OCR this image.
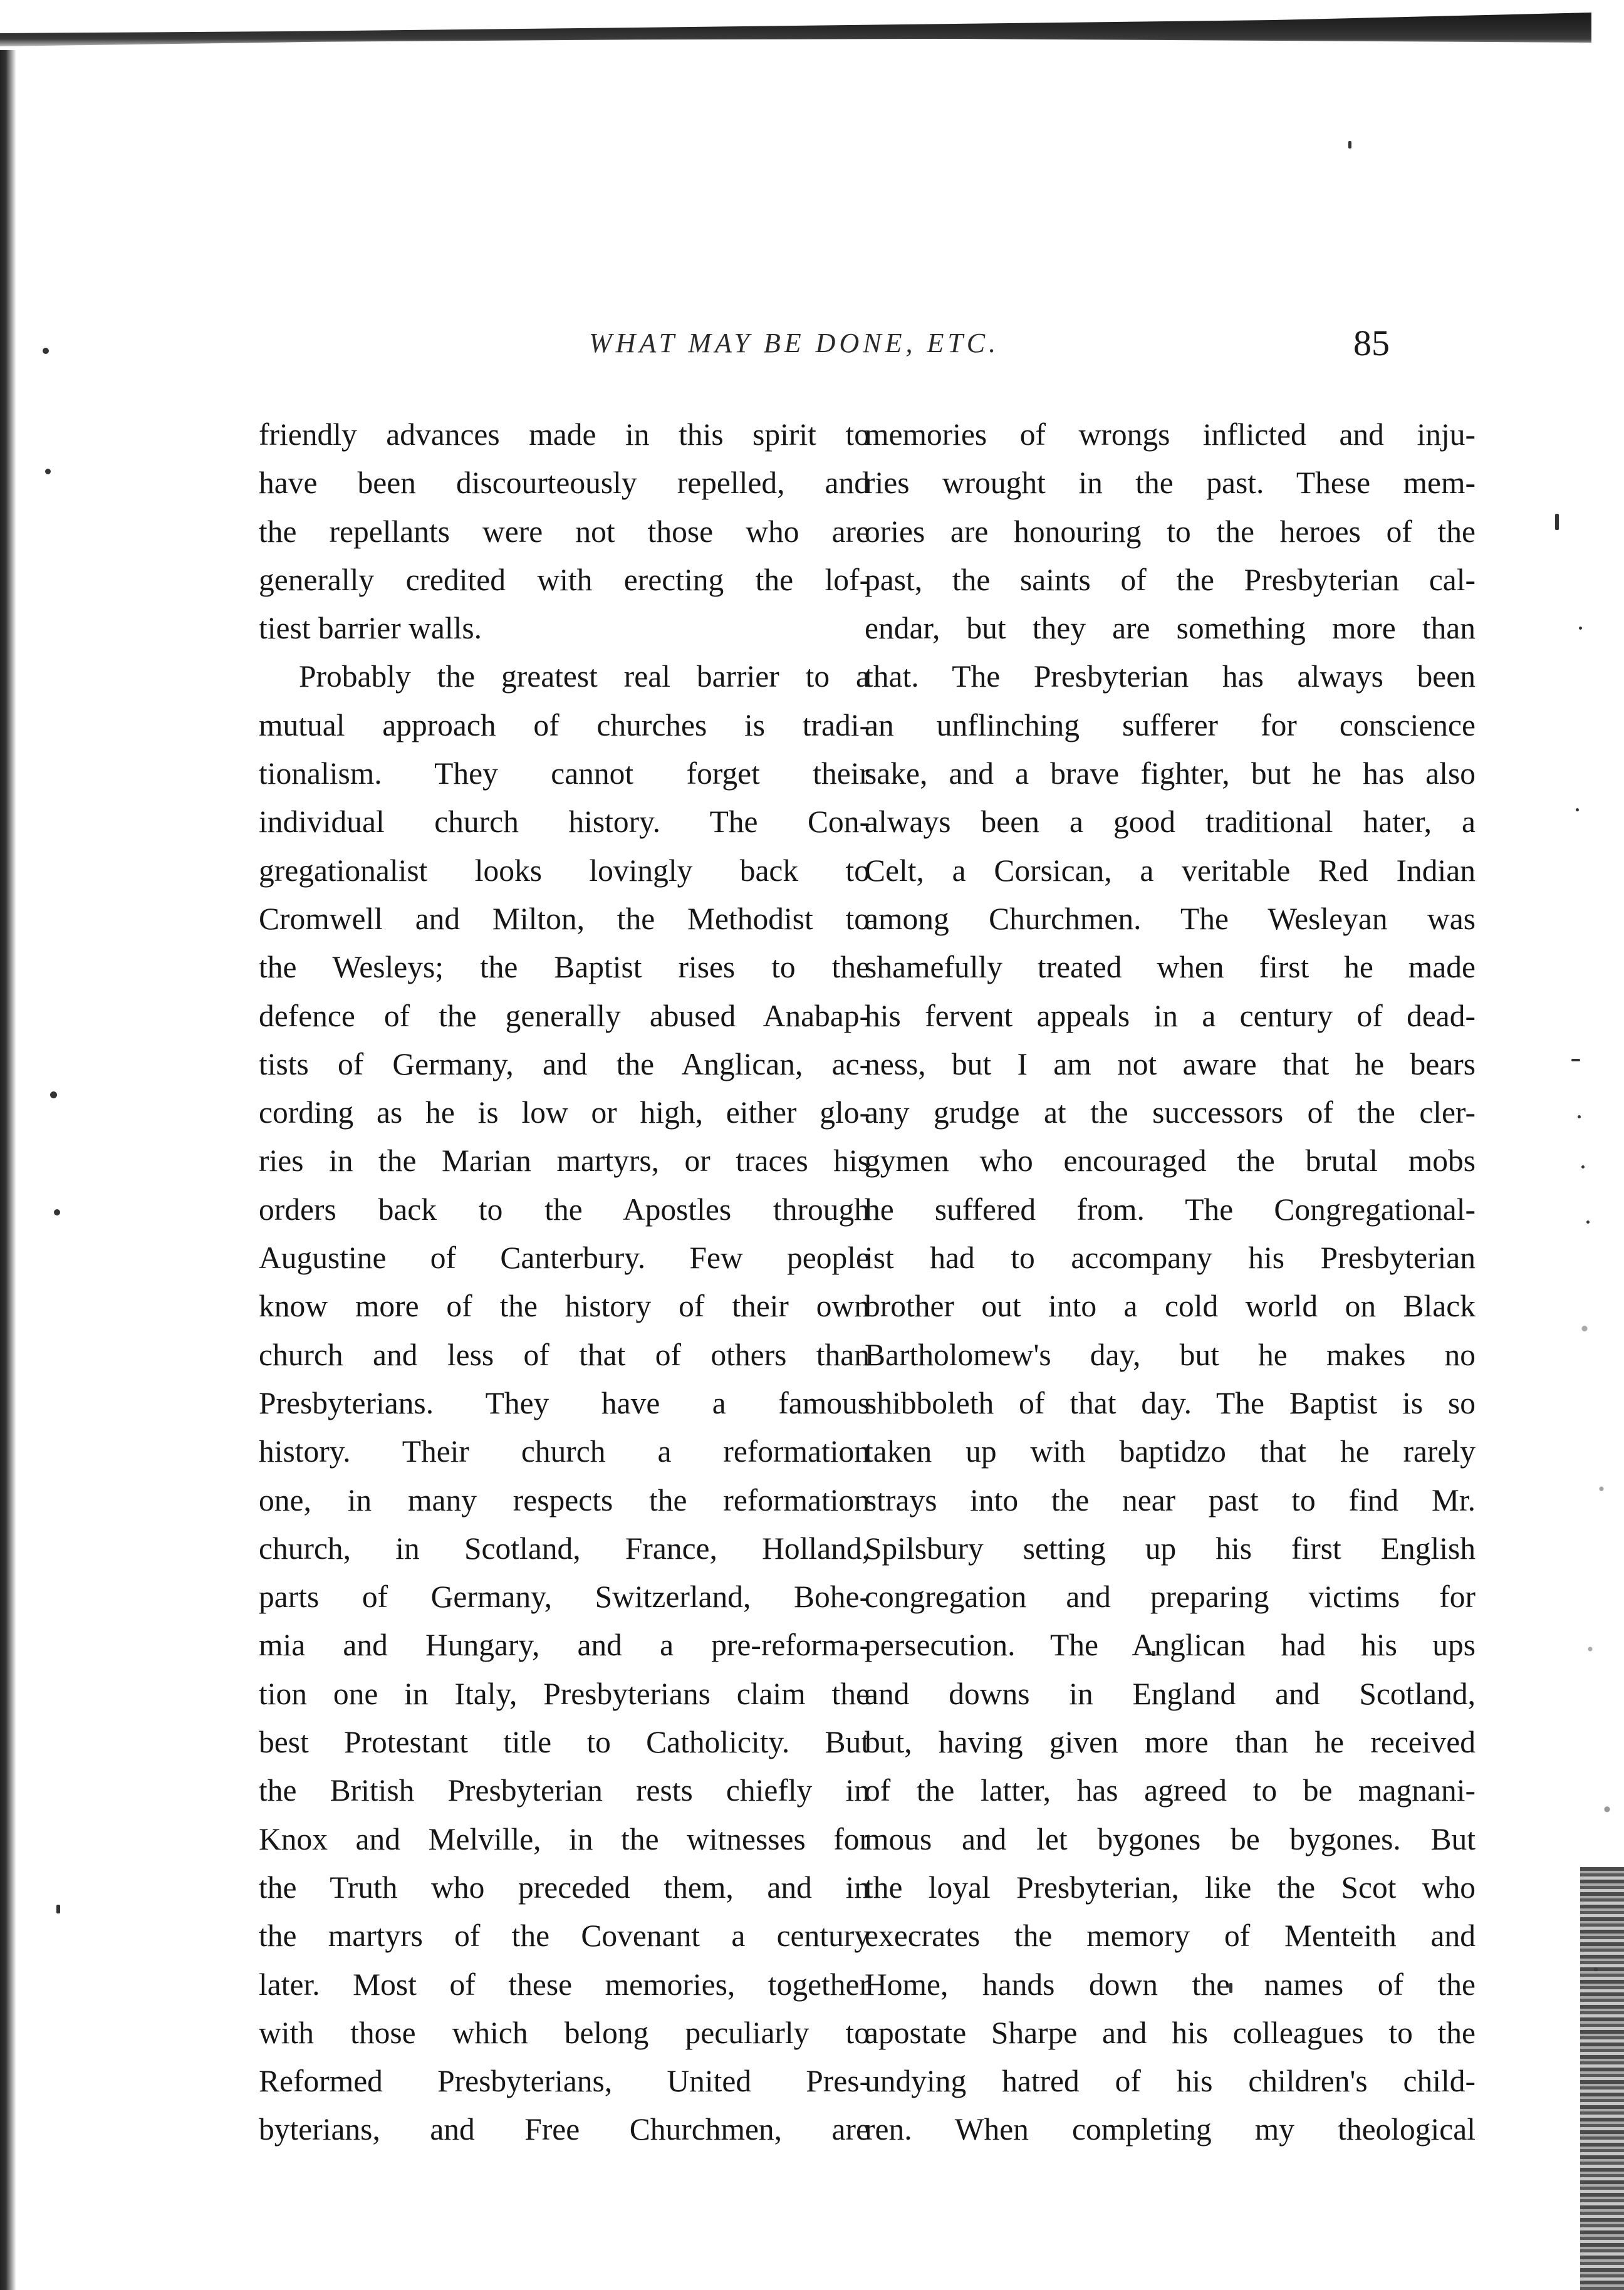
WHAT MAY BE DONE, ETC.	85
friendly advances made in this spirit to
have been discourteously repelled, and
the repellants were not those who are
generally credited with erecting the lof-
tiest barrier walls.
Probably the greatest real barrier to a
mutual approach of churches is tradi-
tionalism. They cannot forget their
individual church history. The Con-
gregationalist looks lovingly back to
Cromwell and Milton, the Methodist to
the Wesleys; the Baptist rises to the
defence of the generally abused Anabap-
tists of Germany, and the Anglican, ac-
cording as he is low or high, either glo-
ries in the Marian martyrs, or traces his
orders back to the Apostles through
Augustine of Canterbury. Few people
know more of the history of their own
church and less of that of others than
Presbyterians. They have a famous
history. Their church a reformation
one, in many respects the reformation
church, in Scotland, France, Holland,
parts of Germany, Switzerland, Bohe-
mia and Hungary, and a pre-reforma-
tion one in Italy, Presbyterians claim the
best Protestant title to Catholicity. But
the British Presbyterian rests chiefly in
Knox and Melville, in the witnesses for
the Truth who preceded them, and in
the martyrs of the Covenant a century
later. Most of these memories, together
with those which belong peculiarly to
Reformed Presbyterians, United Pres-
byterians, and Free Churchmen, are
memories of wrongs inflicted and inju-
ries wrought in the past. These mem-
ories are honouring to the heroes of the
past, the saints of the Presbyterian cal-
endar, but they are something more than
that. The Presbyterian has always been
an unflinching sufferer for conscience
sake, and a brave fighter, but he has also
always been a good traditional hater, a
Celt, a Corsican, a veritable Red Indian
among Churchmen. The Wesleyan was
shamefully treated when first he made
his fervent appeals in a century of dead-
ness, but I am not aware that he bears
any grudge at the successors of the cler-
gymen who encouraged the brutal mobs
he suffered from. The Congregational-
ist had to accompany his Presbyterian
brother out into a cold world on Black
Bartholomew's day, but he makes no
shibboleth of that day. The Baptist is so
taken up with baptidzo that he rarely
strays into the near past to find Mr.
Spilsbury setting up his first English
congregation and preparing victims for
persecution. The Anglican had his ups
and downs in England and Scotland,
but, having given more than he received
of the latter, has agreed to be magnani-
mous and let bygones be bygones. But
the loyal Presbyterian, like the Scot who
execrates the memory of Menteith and
Home, hands down the names of the
apostate Sharpe and his colleagues to the
undying hatred of his children's child-
ren. When completing my theological
